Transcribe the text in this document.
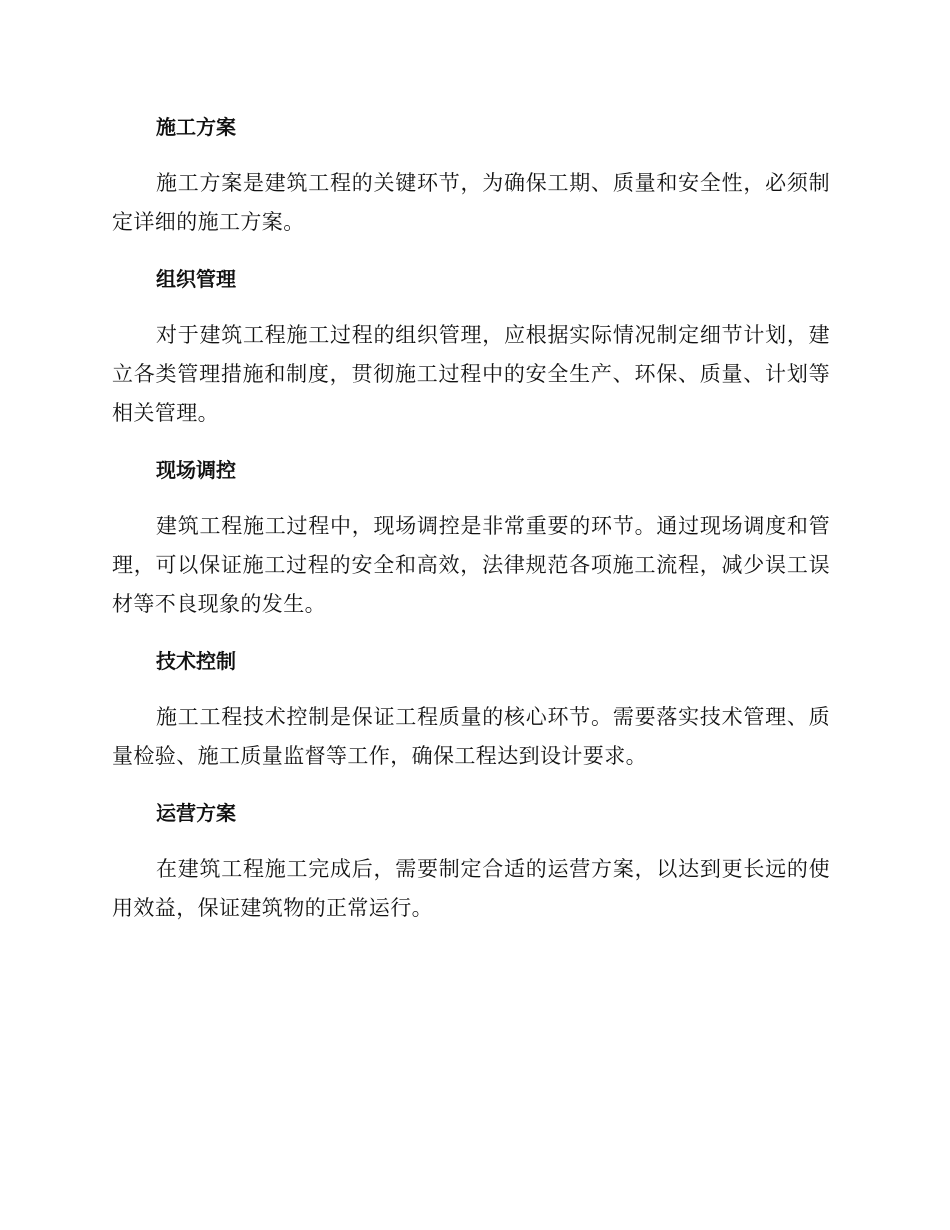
施工方案

施工方案是建筑工程的关键环节，为确保工期、质量和安全性，必须制定详细的施工方案。

组织管理

对于建筑工程施工过程的组织管理，应根据实际情况制定细节计划，建立各类管理措施和制度，贯彻施工过程中的安全生产、环保、质量、计划等相关管理。

现场调控

建筑工程施工过程中，现场调控是非常重要的环节。通过现场调度和管理，可以保证施工过程的安全和高效，法律规范各项施工流程，减少误工误材等不良现象的发生。

技术控制

施工工程技术控制是保证工程质量的核心环节。需要落实技术管理、质量检验、施工质量监督等工作，确保工程达到设计要求。

运营方案

在建筑工程施工完成后，需要制定合适的运营方案，以达到更长远的使用效益，保证建筑物的正常运行。
